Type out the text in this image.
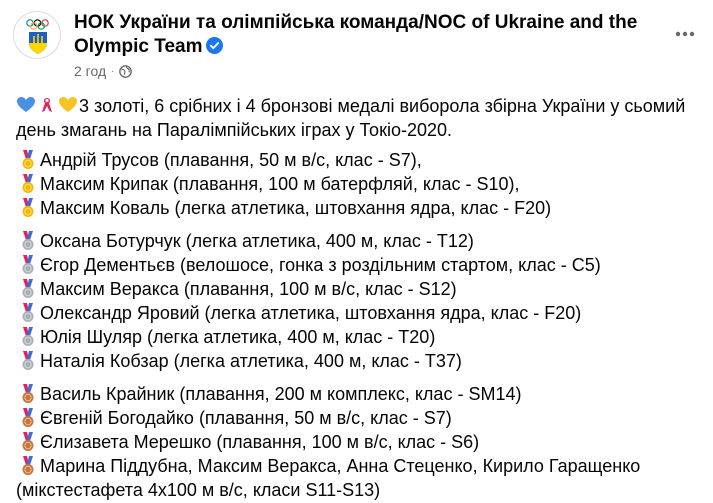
НОК України та олімпійська команда/NOC of Ukraine and the Olympic Team
2 год ·
3 золоті, 6 срібних і 4 бронзові медалі виборола збірна України у сьомий день змагань на Паралімпійських іграх у Токіо-2020.
Андрій Трусов (плавання, 50 м в/с, клас - S7),
Максим Крипак (плавання, 100 м батерфляй, клас - S10),
Максим Коваль (легка атлетика, штовхання ядра, клас - F20)
Оксана Ботурчук (легка атлетика, 400 м, клас - T12)
Єгор Дементьєв (велошосе, гонка з роздільним стартом, клас - C5)
Максим Веракса (плавання, 100 м в/с, клас - S12)
Олександр Яровий (легка атлетика, штовхання ядра, клас - F20)
Юлія Шуляр (легка атлетика, 400 м, клас - T20)
Наталія Кобзар (легка атлетика, 400 м, клас - T37)
Василь Крайник (плавання, 200 м комплекс, клас - SM14)
Євгеній Богодайко (плавання, 50 м в/с, клас - S7)
Єлизавета Мерешко (плавання, 100 м в/с, клас - S6)
Марина Піддубна, Максим Веракса, Анна Стеценко, Кирило Гаращенко
(мікстестафета 4х100 м в/с, класи S11-S13)
